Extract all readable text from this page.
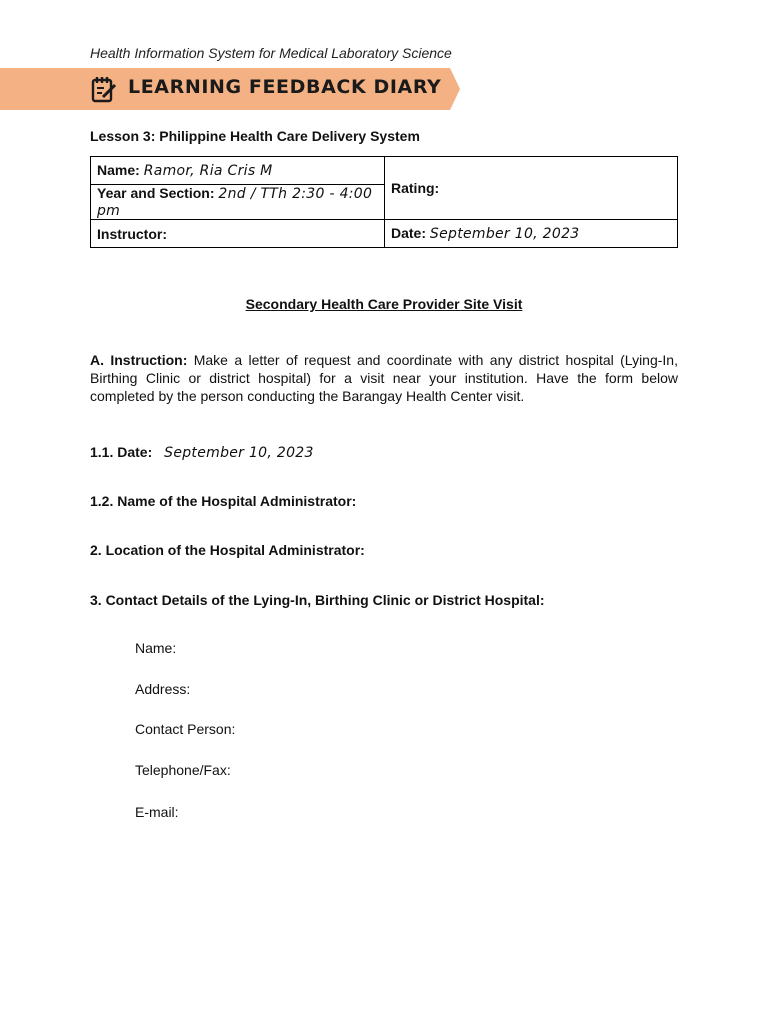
Health Information System for Medical Laboratory Science
LEARNING FEEDBACK DIARY
Lesson 3: Philippine Health Care Delivery System
Name: Ramor, Ria Cris M	Rating:
Year and Section: 2nd / TTh 2:30 - 4:00 pm	
Instructor:	Date: September 10, 2023
Secondary Health Care Provider Site Visit
A. Instruction: Make a letter of request and coordinate with any district hospital (Lying-In, Birthing Clinic or district hospital) for a visit near your institution. Have the form below completed by the person conducting the Barangay Health Center visit.
1.1. Date: September 10, 2023
1.2. Name of the Hospital Administrator:
2. Location of the Hospital Administrator:
3. Contact Details of the Lying-In, Birthing Clinic or District Hospital:
Name:
Address:
Contact Person:
Telephone/Fax:
E-mail:
